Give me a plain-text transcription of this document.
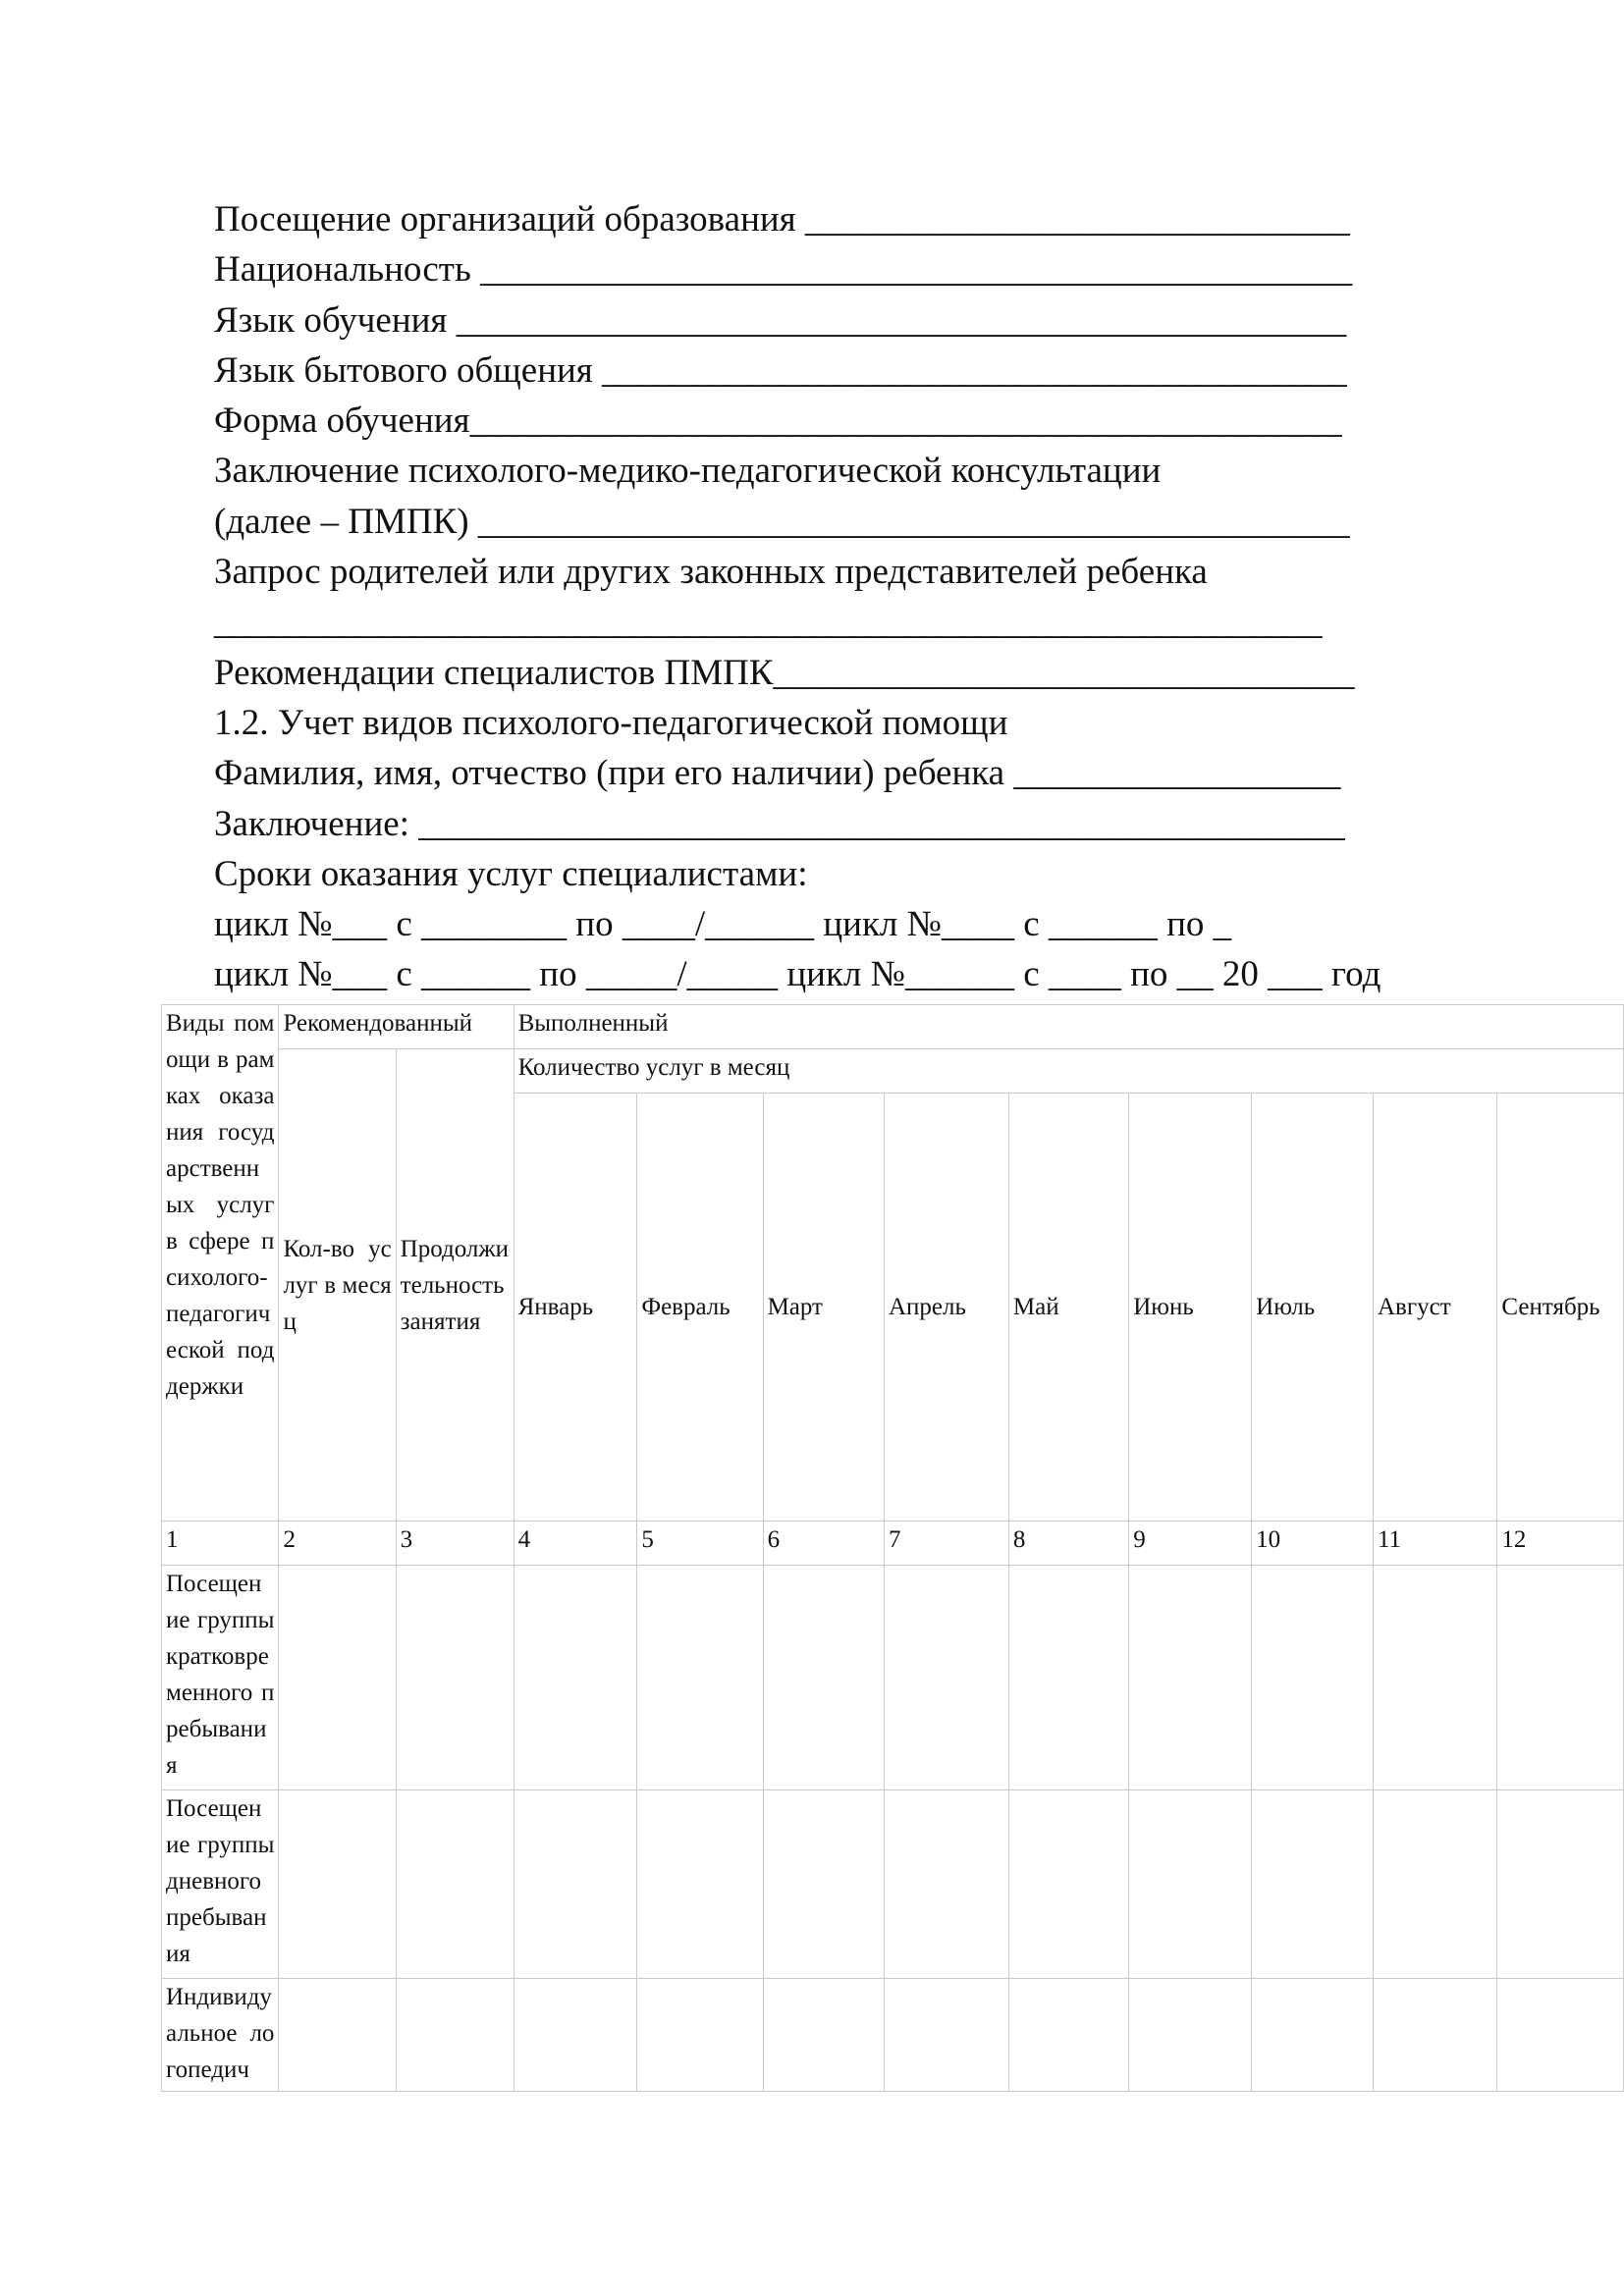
Посещение организаций образования ______________________________
Национальность ________________________________________________
Язык обучения _________________________________________________
Язык бытового общения _________________________________________
Форма обучения________________________________________________
Заключение психолого-медико-педагогической консультации
(далее – ПМПК) ________________________________________________
Запрос родителей или других законных представителей ребенка
_____________________________________________________________
Рекомендации специалистов ПМПК________________________________
1.2. Учет видов психолого-педагогической помощи
Фамилия, имя, отчество (при его наличии) ребенка __________________
Заключение: ___________________________________________________
Сроки оказания услуг специалистами:
цикл №___ с ________ по ____/______ цикл №____ с ______ по _
цикл №___ с ______ по _____/_____ цикл №______ с ____ по __ 20 ___ год
Виды помощи в рамках оказания государственных услуг в сфере психолого-педагогической поддержки	Рекомендованный		Выполненный								
	Кол-во услуг в месяц	Продолжительность занятия	Количество услуг в месяц								
			Январь	Февраль	Март	Апрель	Май	Июнь	Июль	Август	Сентябрь
1	2	3	4	5	6	7	8	9	10	11	12
Посещение группы кратковременного пребывания											
Посещение группы дневного пребывания											
Индивидуальное логопедич											
